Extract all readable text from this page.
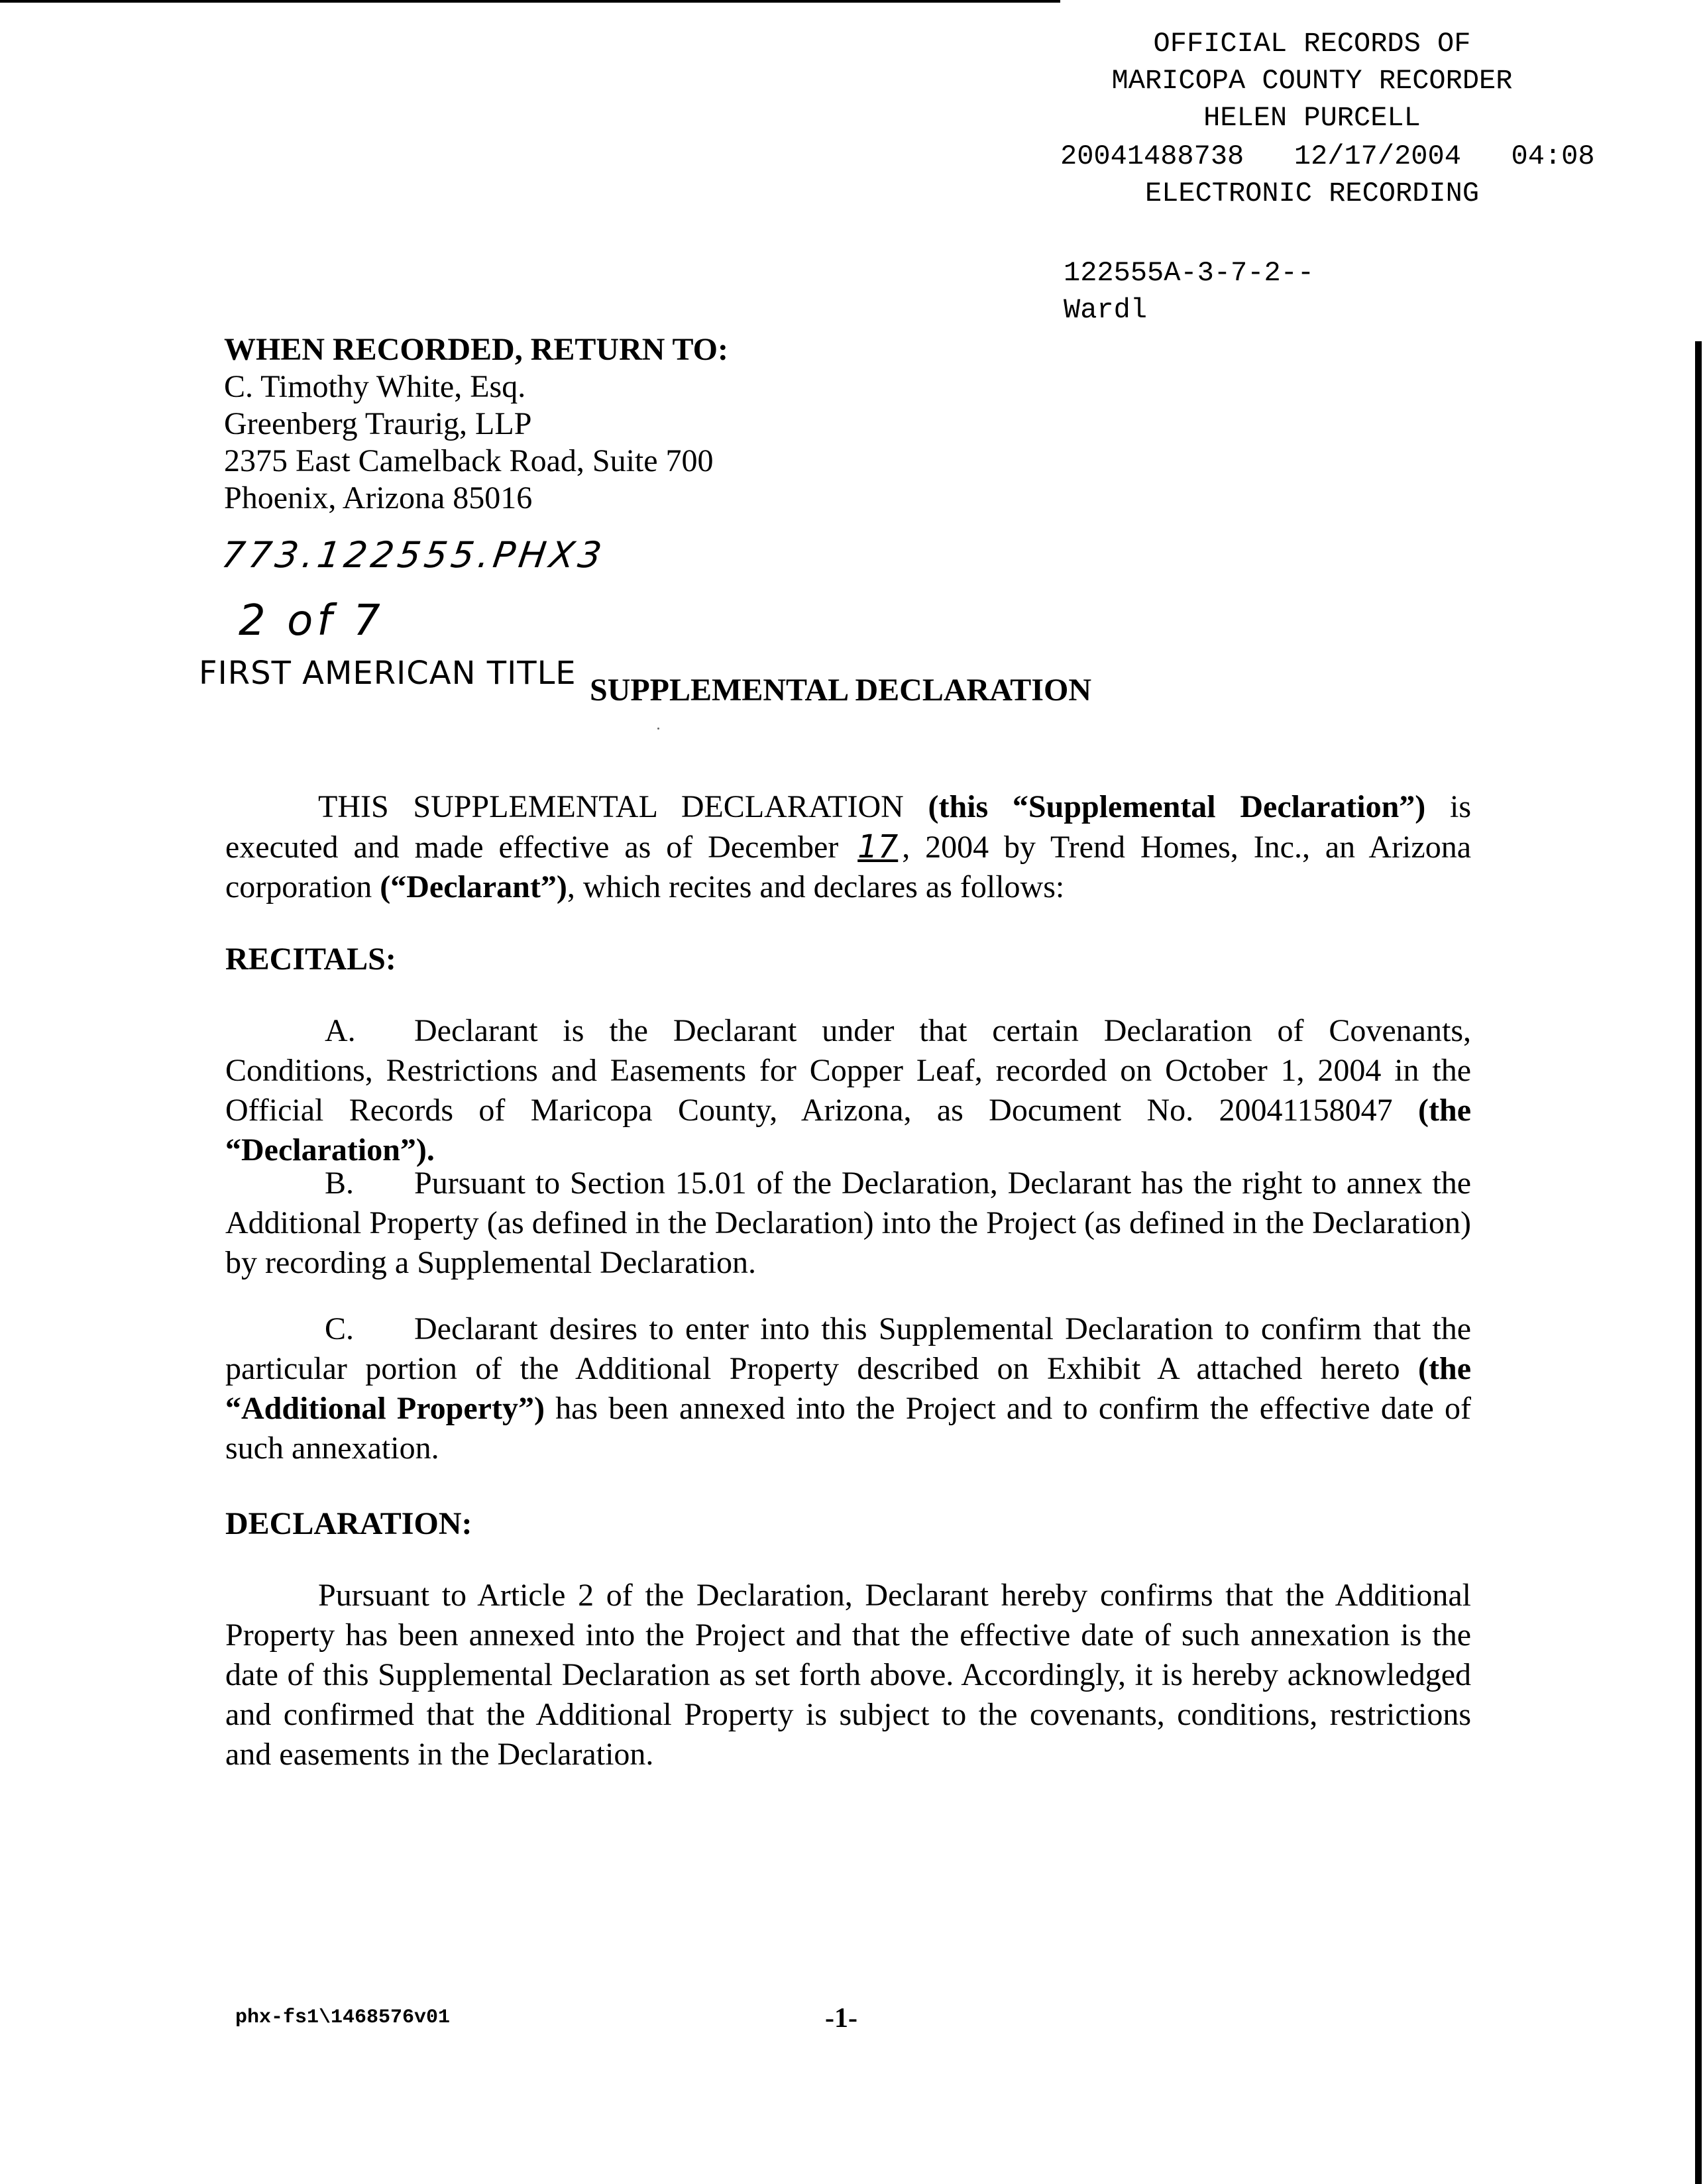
OFFICIAL RECORDS OF
MARICOPA COUNTY RECORDER
HELEN PURCELL
20041488738   12/17/2004   04:08
ELECTRONIC RECORDING
122555A-3-7-2--
Wardl
WHEN RECORDED, RETURN TO:
C. Timothy White, Esq.
Greenberg Traurig, LLP
2375 East Camelback Road, Suite 700
Phoenix, Arizona 85016
773.122555.PHX3
2 of 7
FIRST AMERICAN TITLE SUPPLEMENTAL DECLARATION
THIS SUPPLEMENTAL DECLARATION (this “Supplemental Declaration”) is executed and made effective as of December 17 , 2004 by Trend Homes, Inc., an Arizona corporation (“Declarant”), which recites and declares as follows:
RECITALS:
A. Declarant is the Declarant under that certain Declaration of Covenants, Conditions, Restrictions and Easements for Copper Leaf, recorded on October 1, 2004 in the Official Records of Maricopa County, Arizona, as Document No. 20041158047 (the “Declaration”).
B. Pursuant to Section 15.01 of the Declaration, Declarant has the right to annex the Additional Property (as defined in the Declaration) into the Project (as defined in the Declaration) by recording a Supplemental Declaration.
C. Declarant desires to enter into this Supplemental Declaration to confirm that the particular portion of the Additional Property described on Exhibit A attached hereto (the “Additional Property”) has been annexed into the Project and to confirm the effective date of such annexation.
DECLARATION:
Pursuant to Article 2 of the Declaration, Declarant hereby confirms that the Additional Property has been annexed into the Project and that the effective date of such annexation is the date of this Supplemental Declaration as set forth above. Accordingly, it is hereby acknowledged and confirmed that the Additional Property is subject to the covenants, conditions, restrictions and easements in the Declaration.
phx-fs1\1468576v01	-1-
